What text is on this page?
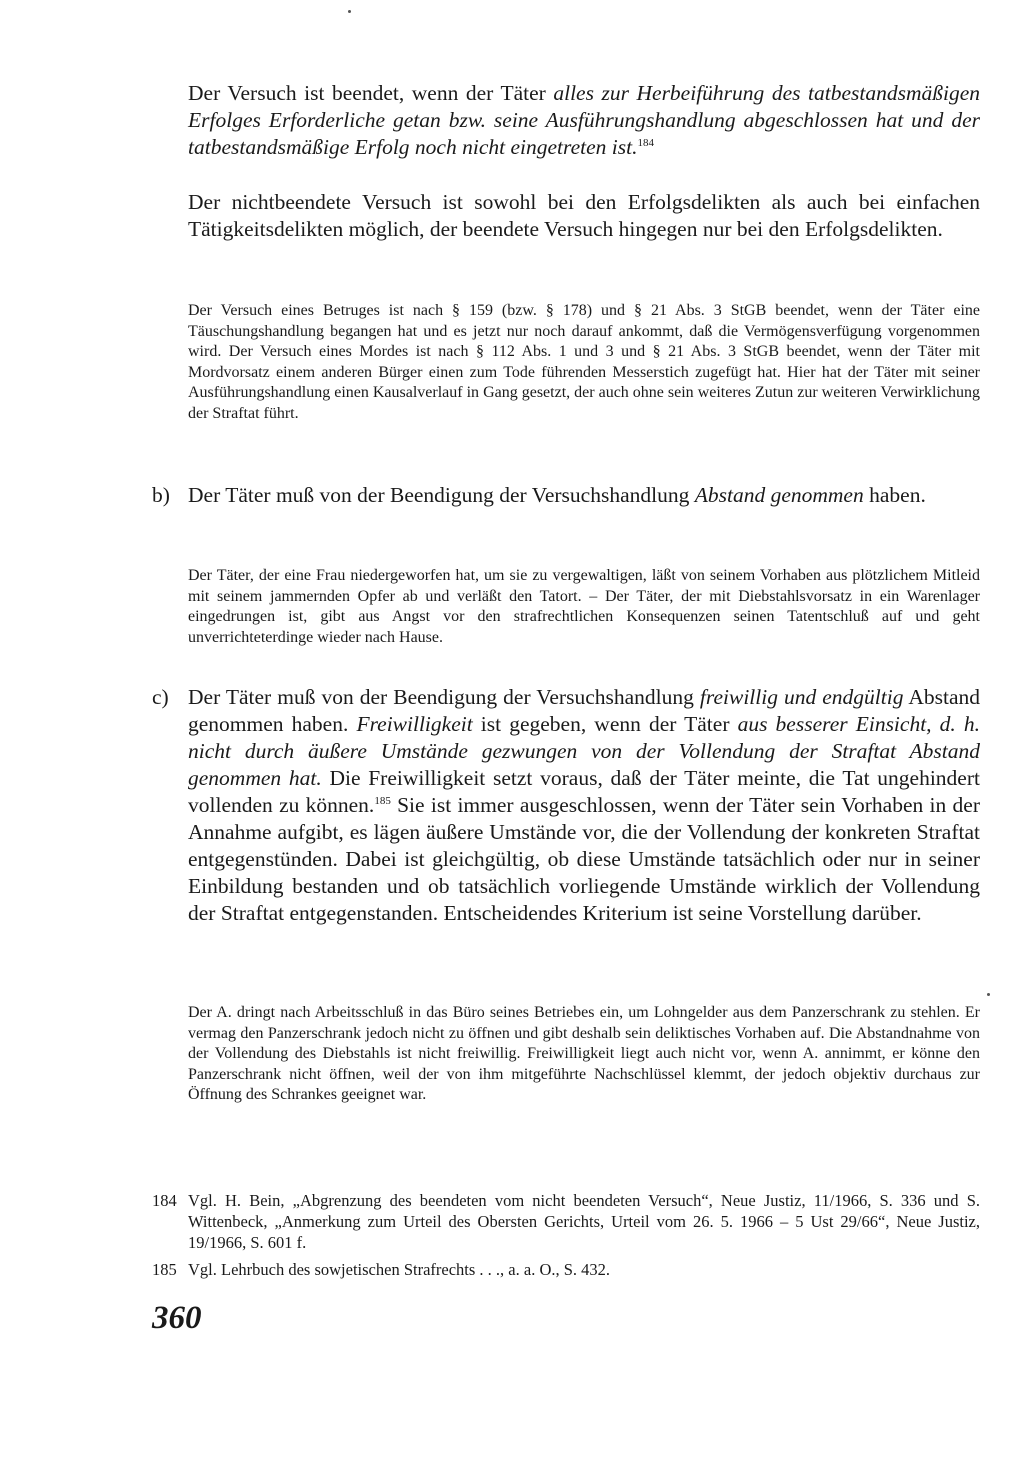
Der Versuch ist beendet, wenn der Täter alles zur Herbeiführung des tatbestandsmäßigen Erfolges Erforderliche getan bzw. seine Ausführungshandlung abgeschlossen hat und der tatbestandsmäßige Erfolg noch nicht eingetreten ist.$^{184}$

Der nichtbeendete Versuch ist sowohl bei den Erfolgsdelikten als auch bei einfachen Tätigkeitsdelikten möglich, der beendete Versuch hingegen nur bei den Erfolgsdelikten.

Der Versuch eines Betruges ist nach § 159 (bzw. § 178) und § 21 Abs. 3 StGB beendet, wenn der Täter eine Täuschungshandlung begangen hat und es jetzt nur noch darauf ankommt, daß die Vermögensverfügung vorgenommen wird. Der Versuch eines Mordes ist nach § 112 Abs. 1 und 3 und § 21 Abs. 3 StGB beendet, wenn der Täter mit Mordvorsatz einem anderen Bürger einen zum Tode führenden Messerstich zugefügt hat. Hier hat der Täter mit seiner Ausführungshandlung einen Kausalverlauf in Gang gesetzt, der auch ohne sein weiteres Zutun zur weiteren Verwirklichung der Straftat führt.

b) Der Täter muß von der Beendigung der Versuchshandlung Abstand genommen haben.

Der Täter, der eine Frau niedergeworfen hat, um sie zu vergewaltigen, läßt von seinem Vorhaben aus plötzlichem Mitleid mit seinem jammernden Opfer ab und verläßt den Tatort. – Der Täter, der mit Diebstahlsvorsatz in ein Warenlager eingedrungen ist, gibt aus Angst vor den strafrechtlichen Konsequenzen seinen Tatentschluß auf und geht unverrichteterdinge wieder nach Hause.

c) Der Täter muß von der Beendigung der Versuchshandlung freiwillig und endgültig Abstand genommen haben. Freiwilligkeit ist gegeben, wenn der Täter aus besserer Einsicht, d. h. nicht durch äußere Umstände gezwungen von der Vollendung der Straftat Abstand genommen hat. Die Freiwilligkeit setzt voraus, daß der Täter meinte, die Tat ungehindert vollenden zu können.$^{185}$ Sie ist immer ausgeschlossen, wenn der Täter sein Vorhaben in der Annahme aufgibt, es lägen äußere Umstände vor, die der Vollendung der konkreten Straftat entgegenstünden. Dabei ist gleichgültig, ob diese Umstände tatsächlich oder nur in seiner Einbildung bestanden und ob tatsächlich vorliegende Umstände wirklich der Vollendung der Straftat entgegenstanden. Entscheidendes Kriterium ist seine Vorstellung darüber.

Der A. dringt nach Arbeitsschluß in das Büro seines Betriebes ein, um Lohngelder aus dem Panzerschrank zu stehlen. Er vermag den Panzerschrank jedoch nicht zu öffnen und gibt deshalb sein deliktisches Vorhaben auf. Die Abstandnahme von der Vollendung des Diebstahls ist nicht freiwillig. Freiwilligkeit liegt auch nicht vor, wenn A. annimmt, er könne den Panzerschrank nicht öffnen, weil der von ihm mitgeführte Nachschlüssel klemmt, der jedoch objektiv durchaus zur Öffnung des Schrankes geeignet war.

184 Vgl. H. Bein, „Abgrenzung des beendeten vom nicht beendeten Versuch“, Neue Justiz, 11/1966, S. 336 und S. Wittenbeck, „Anmerkung zum Urteil des Obersten Gerichts, Urteil vom 26. 5. 1966 – 5 Ust 29/66“, Neue Justiz, 19/1966, S. 601 f.
185 Vgl. Lehrbuch des sowjetischen Strafrechts . . ., a. a. O., S. 432.
360
